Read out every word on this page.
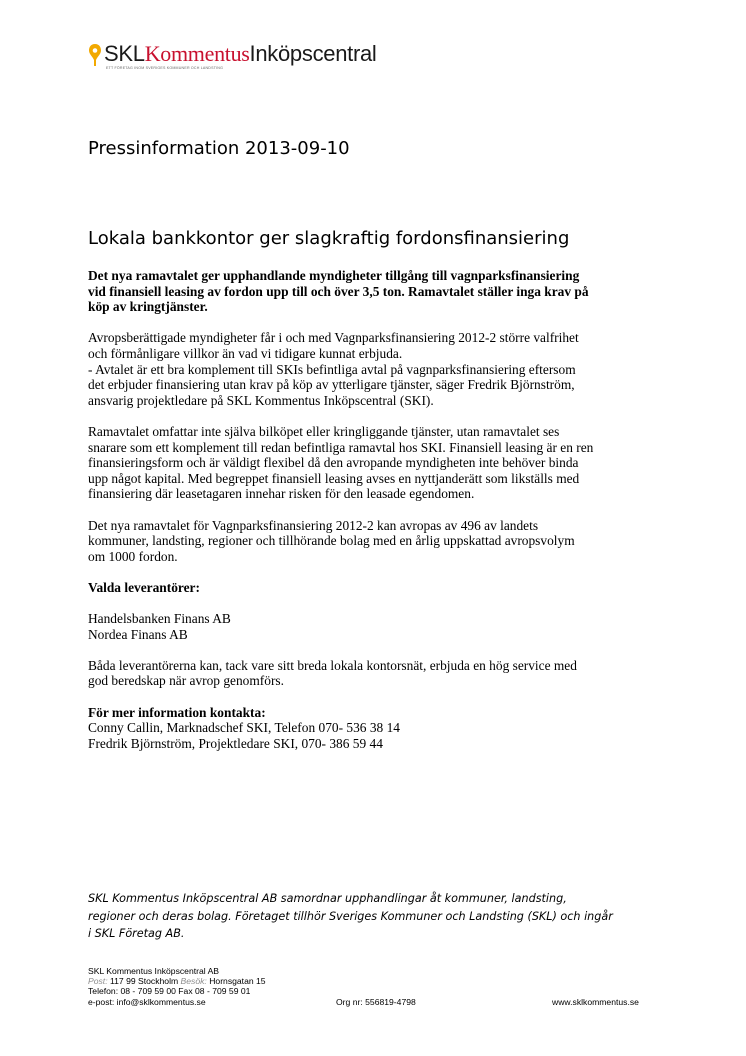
SKLKommentusInköpscentral
ETT FÖRETAG INOM SVERIGES KOMMUNER OCH LANDSTING
Pressinformation 2013-09-10
Lokala bankkontor ger slagkraftig fordonsfinansiering

Det nya ramavtalet ger upphandlande myndigheter tillgång till vagnparksfinansiering

vid finansiell leasing av fordon upp till och över 3,5 ton. Ramavtalet ställer inga krav på

köp av kringtjänster.

Avropsberättigade myndigheter får i och med Vagnparksfinansiering 2012-2 större valfrihet

och förmånligare villkor än vad vi tidigare kunnat erbjuda.

- Avtalet är ett bra komplement till SKIs befintliga avtal på vagnparksfinansiering eftersom

det erbjuder finansiering utan krav på köp av ytterligare tjänster, säger Fredrik Björnström,

ansvarig projektledare på SKL Kommentus Inköpscentral (SKI).

Ramavtalet omfattar inte själva bilköpet eller kringliggande tjänster, utan ramavtalet ses

snarare som ett komplement till redan befintliga ramavtal hos SKI. Finansiell leasing är en ren

finansieringsform och är väldigt flexibel då den avropande myndigheten inte behöver binda

upp något kapital. Med begreppet finansiell leasing avses en nyttjanderätt som likställs med

finansiering där leasetagaren innehar risken för den leasade egendomen.

Det nya ramavtalet för Vagnparksfinansiering 2012-2 kan avropas av 496 av landets

kommuner, landsting, regioner och tillhörande bolag med en årlig uppskattad avropsvolym

om 1000 fordon.

Valda leverantörer:

Handelsbanken Finans AB

Nordea Finans AB

Båda leverantörerna kan, tack vare sitt breda lokala kontorsnät, erbjuda en hög service med

god beredskap när avrop genomförs.

För mer information kontakta:

Conny Callin, Marknadschef SKI, Telefon 070- 536 38 14

Fredrik Björnström, Projektledare SKI, 070- 386 59 44

SKL Kommentus Inköpscentral AB samordnar upphandlingar åt kommuner, landsting,
regioner och deras bolag. Företaget tillhör Sveriges Kommuner och Landsting (SKL) och ingår
i SKL Företag AB.
SKL Kommentus Inköpscentral AB
Post: 117 99 Stockholm Besök: Hornsgatan 15
Telefon: 08 - 709 59 00 Fax 08 - 709 59 01
e-post: info@sklkommentus.se	Org nr: 556819-4798	www.sklkommentus.se
